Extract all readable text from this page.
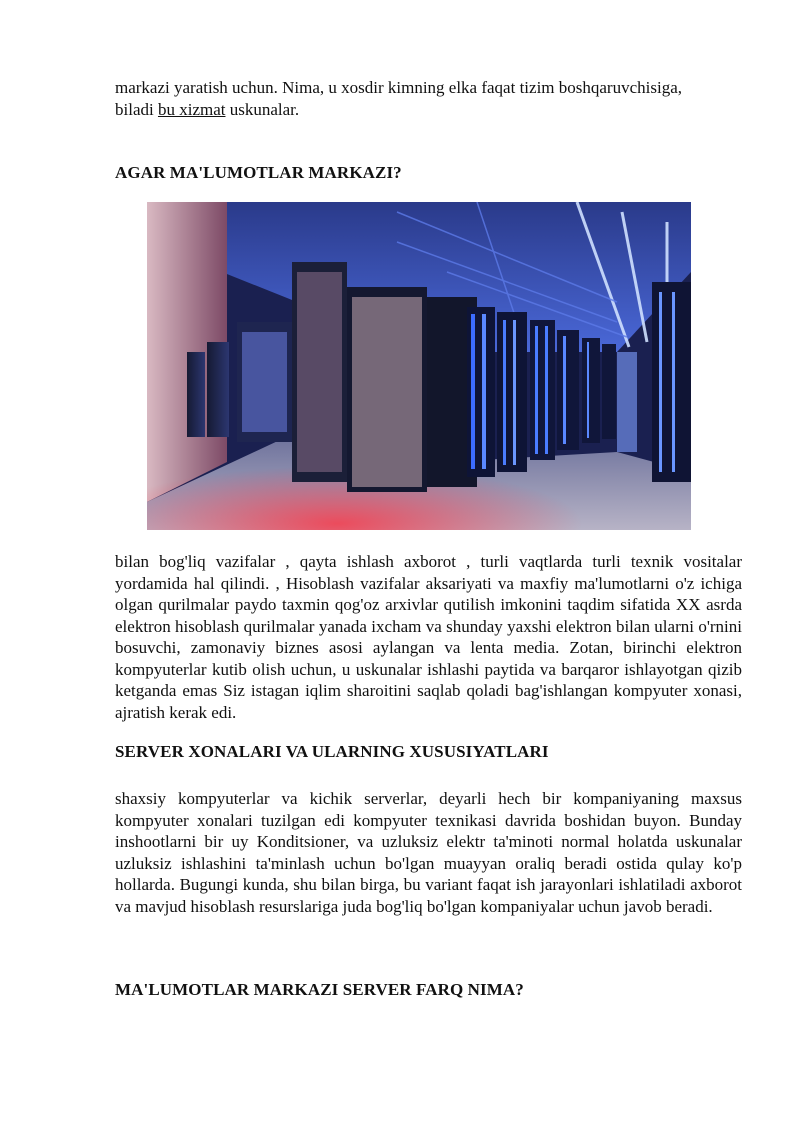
markazi yaratish uchun. Nima, u xosdir kimning elka faqat tizim boshqaruvchisiga,
biladi bu xizmat uskunalar.

AGAR MA'LUMOTLAR MARKAZI?

bilan bog'liq vazifalar , qayta ishlash axborot , turli vaqtlarda turli texnik vositalar yordamida hal qilindi. , Hisoblash vazifalar aksariyati va maxfiy ma'lumotlarni o'z ichiga olgan qurilmalar paydo taxmin qog'oz arxivlar qutilish imkonini taqdim sifatida XX asrda elektron hisoblash qurilmalar yanada ixcham va shunday yaxshi elektron bilan ularni o'rnini bosuvchi, zamonaviy biznes asosi aylangan va lenta media. Zotan, birinchi elektron kompyuterlar kutib olish uchun, u uskunalar ishlashi paytida va barqaror ishlayotgan qizib ketganda emas Siz istagan iqlim sharoitini saqlab qoladi bag'ishlangan kompyuter xonasi, ajratish kerak edi.

SERVER XONALARI VA ULARNING XUSUSIYATLARI

shaxsiy kompyuterlar va kichik serverlar, deyarli hech bir kompaniyaning maxsus kompyuter xonalari tuzilgan edi kompyuter texnikasi davrida boshidan buyon. Bunday inshootlarni bir uy Konditsioner, va uzluksiz elektr ta'minoti normal holatda uskunalar uzluksiz ishlashini ta'minlash uchun bo'lgan muayyan oraliq beradi ostida qulay ko'p hollarda. Bugungi kunda, shu bilan birga, bu variant faqat ish jarayonlari ishlatiladi axborot va mavjud hisoblash resurslariga juda bog'liq bo'lgan kompaniyalar uchun javob beradi.

MA'LUMOTLAR MARKAZI SERVER FARQ NIMA?
